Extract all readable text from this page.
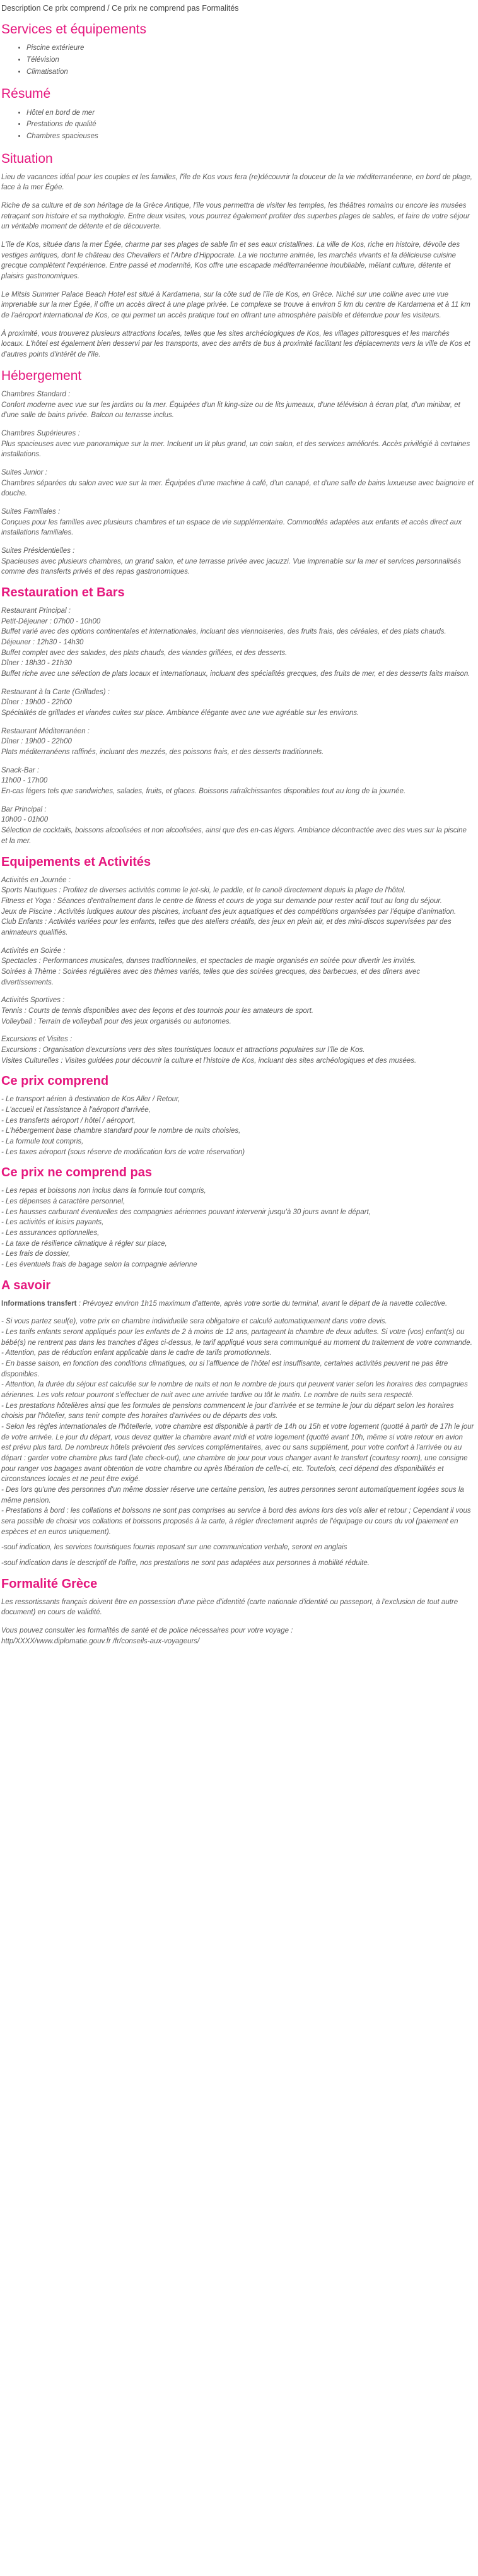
Description Ce prix comprend / Ce prix ne comprend pas Formalités
Services et équipements
• Piscine extérieure
• Télévision
• Climatisation
Résumé
• Hôtel en bord de mer
• Prestations de qualité
• Chambres spacieuses
Situation

Lieu de vacances idéal pour les couples et les familles, l'île de Kos vous fera (re)découvrir la douceur de la vie méditerranéenne, en bord de plage, face à la mer Égée.

Riche de sa culture et de son héritage de la Grèce Antique, l'île vous permettra de visiter les temples, les théâtres romains ou encore les musées retraçant son histoire et sa mythologie. Entre deux visites, vous pourrez également profiter des superbes plages de sables, et faire de votre séjour un véritable moment de détente et de découverte.

L'île de Kos, située dans la mer Égée, charme par ses plages de sable fin et ses eaux cristallines. La ville de Kos, riche en histoire, dévoile des vestiges antiques, dont le château des Chevaliers et l'Arbre d'Hippocrate. La vie nocturne animée, les marchés vivants et la délicieuse cuisine grecque complètent l'expérience. Entre passé et modernité, Kos offre une escapade méditerranéenne inoubliable, mêlant culture, détente et plaisirs gastronomiques.

Le Mitsis Summer Palace Beach Hotel est situé à Kardamena, sur la côte sud de l'île de Kos, en Grèce. Niché sur une colline avec une vue imprenable sur la mer Égée, il offre un accès direct à une plage privée. Le complexe se trouve à environ 5 km du centre de Kardamena et à 11 km de l'aéroport international de Kos, ce qui permet un accès pratique tout en offrant une atmosphère paisible et détendue pour les visiteurs.

À proximité, vous trouverez plusieurs attractions locales, telles que les sites archéologiques de Kos, les villages pittoresques et les marchés locaux. L'hôtel est également bien desservi par les transports, avec des arrêts de bus à proximité facilitant les déplacements vers la ville de Kos et d'autres points d'intérêt de l'île.

Hébergement
Chambres Standard :
Confort moderne avec vue sur les jardins ou la mer. Équipées d'un lit king-size ou de lits jumeaux, d'une télévision à écran plat, d'un minibar, et d'une salle de bains privée. Balcon ou terrasse inclus.
Chambres Supérieures :
Plus spacieuses avec vue panoramique sur la mer. Incluent un lit plus grand, un coin salon, et des services améliorés. Accès privilégié à certaines installations.
Suites Junior :
Chambres séparées du salon avec vue sur la mer. Équipées d'une machine à café, d'un canapé, et d'une salle de bains luxueuse avec baignoire et douche.
Suites Familiales :
Conçues pour les familles avec plusieurs chambres et un espace de vie supplémentaire. Commodités adaptées aux enfants et accès direct aux installations familiales.
Suites Présidentielles :
Spacieuses avec plusieurs chambres, un grand salon, et une terrasse privée avec jacuzzi. Vue imprenable sur la mer et services personnalisés comme des transferts privés et des repas gastronomiques.
Restauration et Bars
Restaurant Principal :
Petit-Déjeuner : 07h00 - 10h00
Buffet varié avec des options continentales et internationales, incluant des viennoiseries, des fruits frais, des céréales, et des plats chauds.
Déjeuner : 12h30 - 14h30
Buffet complet avec des salades, des plats chauds, des viandes grillées, et des desserts.
Dîner : 18h30 - 21h30
Buffet riche avec une sélection de plats locaux et internationaux, incluant des spécialités grecques, des fruits de mer, et des desserts faits maison.
Restaurant à la Carte (Grillades) :
Dîner : 19h00 - 22h00
Spécialités de grillades et viandes cuites sur place. Ambiance élégante avec une vue agréable sur les environs.
Restaurant Méditerranéen :
Dîner : 19h00 - 22h00
Plats méditerranéens raffinés, incluant des mezzés, des poissons frais, et des desserts traditionnels.
Snack-Bar :
11h00 - 17h00
En-cas légers tels que sandwiches, salades, fruits, et glaces. Boissons rafraîchissantes disponibles tout au long de la journée.
Bar Principal :
10h00 - 01h00
Sélection de cocktails, boissons alcoolisées et non alcoolisées, ainsi que des en-cas légers. Ambiance décontractée avec des vues sur la piscine et la mer.
Equipements et Activités
Activités en Journée :
Sports Nautiques : Profitez de diverses activités comme le jet-ski, le paddle, et le canoë directement depuis la plage de l'hôtel.
Fitness et Yoga : Séances d'entraînement dans le centre de fitness et cours de yoga sur demande pour rester actif tout au long du séjour.
Jeux de Piscine : Activités ludiques autour des piscines, incluant des jeux aquatiques et des compétitions organisées par l'équipe d'animation.
Club Enfants : Activités variées pour les enfants, telles que des ateliers créatifs, des jeux en plein air, et des mini-discos supervisées par des animateurs qualifiés.
Activités en Soirée :
Spectacles : Performances musicales, danses traditionnelles, et spectacles de magie organisés en soirée pour divertir les invités.
Soirées à Thème : Soirées régulières avec des thèmes variés, telles que des soirées grecques, des barbecues, et des dîners avec divertissements.
Activités Sportives :
Tennis : Courts de tennis disponibles avec des leçons et des tournois pour les amateurs de sport.
Volleyball : Terrain de volleyball pour des jeux organisés ou autonomes.
Excursions et Visites :
Excursions : Organisation d'excursions vers des sites touristiques locaux et attractions populaires sur l'île de Kos.
Visites Culturelles : Visites guidées pour découvrir la culture et l'histoire de Kos, incluant des sites archéologiques et des musées.
Ce prix comprend
- Le transport aérien à destination de Kos Aller / Retour,
- L'accueil et l'assistance à l'aéroport d'arrivée,
- Les transferts aéroport / hôtel / aéroport,
- L'hébergement base chambre standard pour le nombre de nuits choisies,
- La formule tout compris,
- Les taxes aéroport (sous réserve de modification lors de votre réservation)
Ce prix ne comprend pas
- Les repas et boissons non inclus dans la formule tout compris,
- Les dépenses à caractère personnel,
- Les hausses carburant éventuelles des compagnies aériennes pouvant intervenir jusqu'à 30 jours avant le départ,
- Les activités et loisirs payants,
- Les assurances optionnelles,
- La taxe de résilience climatique à régler sur place,
- Les frais de dossier,
- Les éventuels frais de bagage selon la compagnie aérienne
A savoir

Informations transfert : Prévoyez environ 1h15 maximum d'attente, après votre sortie du terminal, avant le départ de la navette collective.

- Si vous partez seul(e), votre prix en chambre individuelle sera obligatoire et calculé automatiquement dans votre devis.
- Les tarifs enfants seront appliqués pour les enfants de 2 à moins de 12 ans, partageant la chambre de deux adultes. Si votre (vos) enfant(s) ou bébé(s) ne rentrent pas dans les tranches d'âges ci-dessus, le tarif appliqué vous sera communiqué au moment du traitement de votre commande.
- Attention, pas de réduction enfant applicable dans le cadre de tarifs promotionnels.
- En basse saison, en fonction des conditions climatiques, ou si l'affluence de l'hôtel est insuffisante, certaines activités peuvent ne pas être disponibles.
- Attention, la durée du séjour est calculée sur le nombre de nuits et non le nombre de jours qui peuvent varier selon les horaires des compagnies aériennes. Les vols retour pourront s'effectuer de nuit avec une arrivée tardive ou tôt le matin. Le nombre de nuits sera respecté.
- Les prestations hôtelières ainsi que les formules de pensions commencent le jour d'arrivée et se termine le jour du départ selon les horaires choisis par l'hôtelier, sans tenir compte des horaires d'arrivées ou de départs des vols.
- Selon les règles internationales de l'hôtellerie, votre chambre est disponible à partir de 14h ou 15h et votre logement (quotté à partir de 17h le jour de votre arrivée. Le jour du départ, vous devez quitter la chambre avant midi et votre logement (quotté avant 10h, même si votre retour en avion est prévu plus tard. De nombreux hôtels prévoient des services complémentaires, avec ou sans supplément, pour votre confort à l'arrivée ou au départ : garder votre chambre plus tard (late check-out), une chambre de jour pour vous changer avant le transfert (courtesy room), une consigne pour ranger vos bagages avant obtention de votre chambre ou après libération de celle-ci, etc. Toutefois, ceci dépend des disponibilités et circonstances locales et ne peut être exigé.
- Des lors qu'une des personnes d'un même dossier réserve une certaine pension, les autres personnes seront automatiquement logées sous la même pension.
- Prestations à bord : les collations et boissons ne sont pas comprises au service à bord des avions lors des vols aller et retour ; Cependant il vous sera possible de choisir vos collations et boissons proposés à la carte, à régler directement auprès de l'équipage ou cours du vol (paiement en espèces et en euros uniquement).
-souf indication, les services touristiques fournis reposant sur une communication verbale, seront en anglais
-souf indication dans le descriptif de l'offre, nos prestations ne sont pas adaptées aux personnes à mobilité réduite.
Formalité Grèce

Les ressortissants français doivent être en possession d'une pièce d'identité (carte nationale d'identité ou passeport, à l'exclusion de tout autre document) en cours de validité.

Vous pouvez consulter les formalités de santé et de police nécessaires pour votre voyage :
http/XXXX/www.diplomatie.gouv.fr /fr/conseils-aux-voyageurs/
